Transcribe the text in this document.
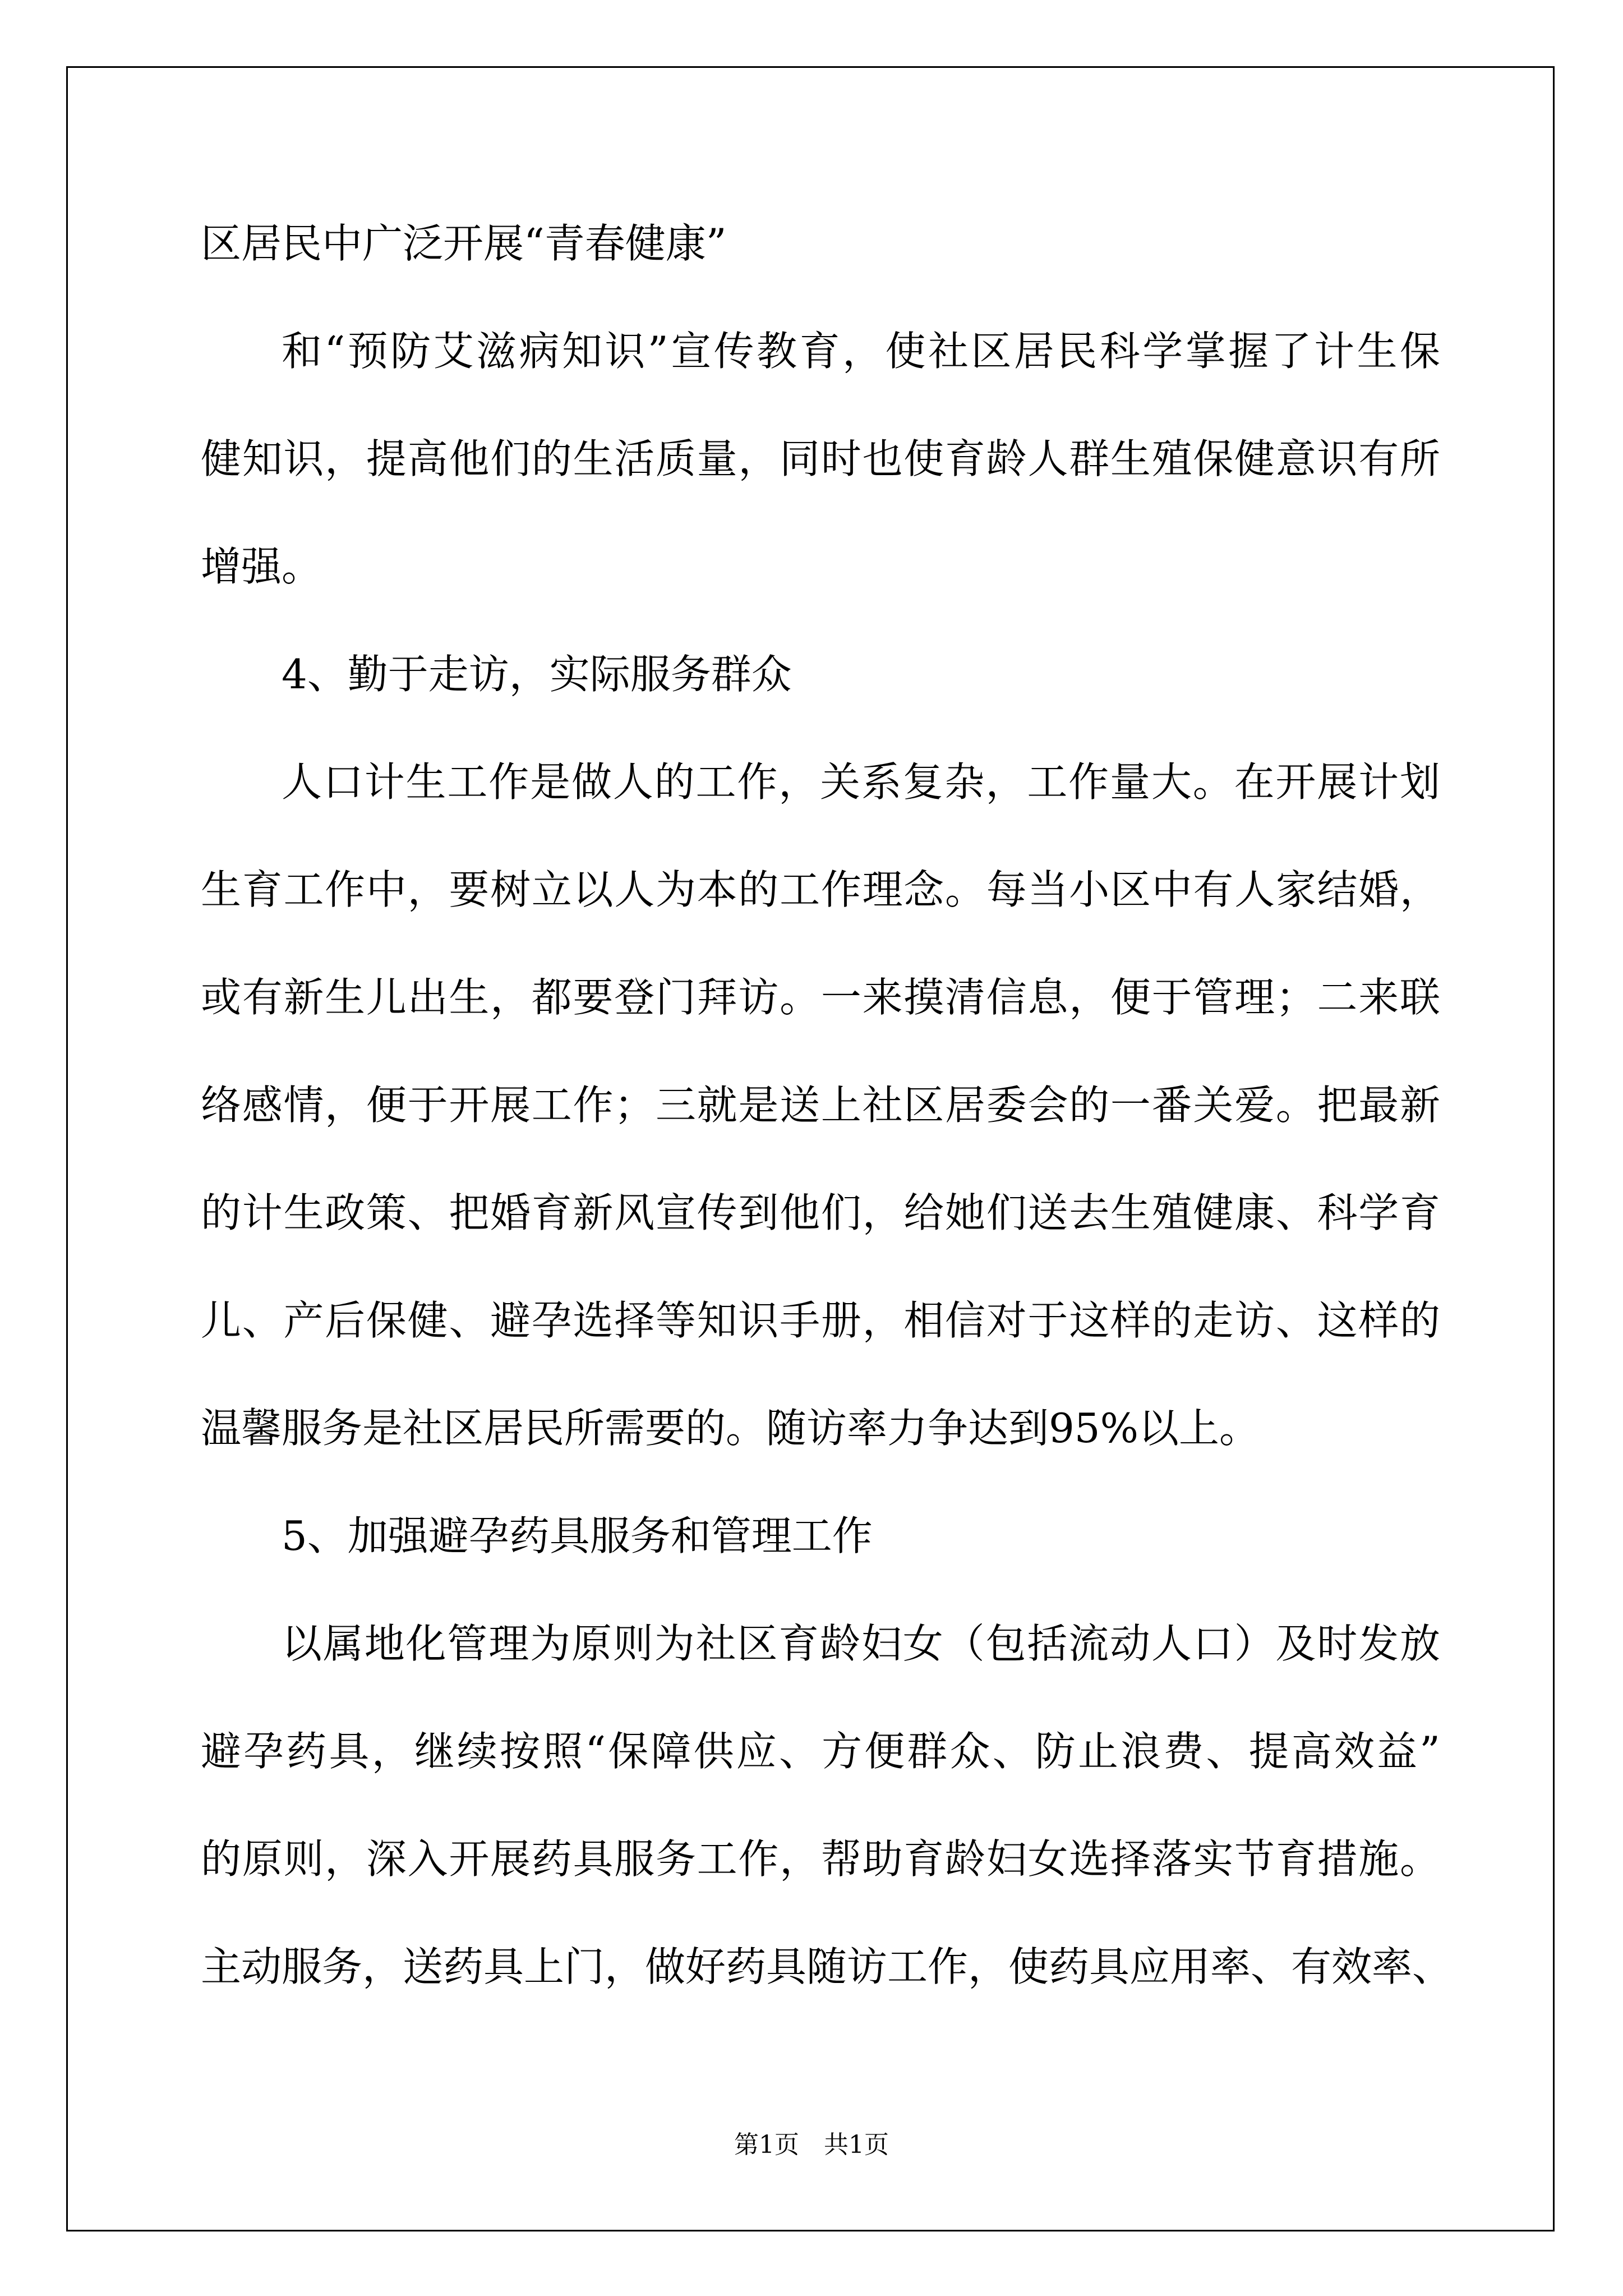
区居民中广泛开展“青春健康”
和“预防艾滋病知识”宣传教育，使社区居民科学掌握了计生保
健知识，提高他们的生活质量，同时也使育龄人群生殖保健意识有所
增强。
4、勤于走访，实际服务群众
人口计生工作是做人的工作，关系复杂，工作量大。在开展计划
生育工作中，要树立以人为本的工作理念。每当小区中有人家结婚，
或有新生儿出生，都要登门拜访。一来摸清信息，便于管理；二来联
络感情，便于开展工作；三就是送上社区居委会的一番关爱。把最新
的计生政策、把婚育新风宣传到他们，给她们送去生殖健康、科学育
儿、产后保健、避孕选择等知识手册，相信对于这样的走访、这样的
温馨服务是社区居民所需要的。随访率力争达到95%以上。
5、加强避孕药具服务和管理工作
以属地化管理为原则为社区育龄妇女（包括流动人口）及时发放
避孕药具，继续按照“保障供应、方便群众、防止浪费、提高效益”
的原则，深入开展药具服务工作，帮助育龄妇女选择落实节育措施。
主动服务，送药具上门，做好药具随访工作，使药具应用率、有效率、
第1页　共1页
